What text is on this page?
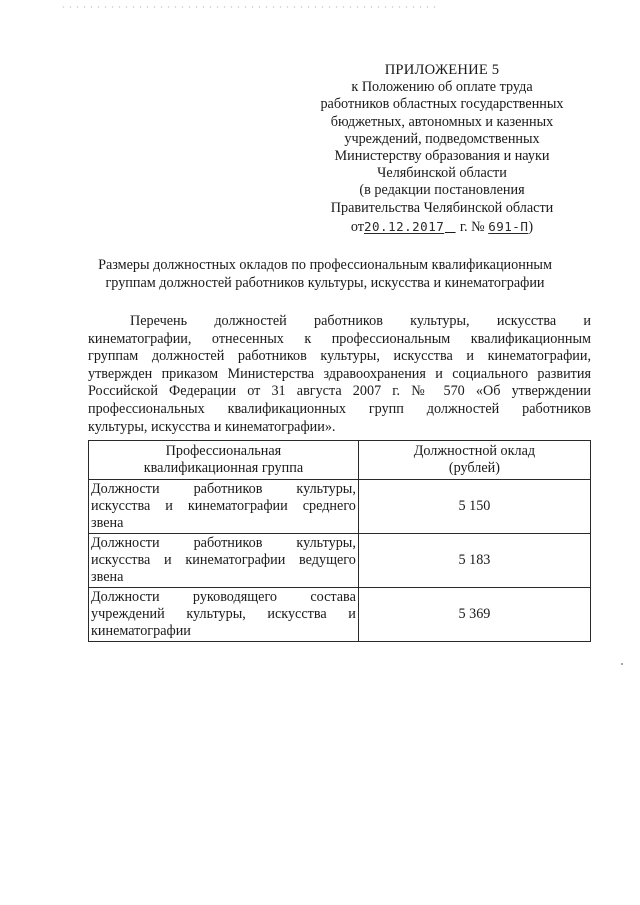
ПРИЛОЖЕНИЕ 5
к Положению об оплате труда
работников областных государственных
бюджетных, автономных и казенных
учреждений, подведомственных
Министерству образования и науки
Челябинской области
(в редакции постановления
Правительства Челябинской области
от20.12.2017 г. № 691-П)
Размеры должностных окладов по профессиональным квалификационным
группам должностей работников культуры, искусства и кинематографии
Перечень должностей работников культуры, искусства и
кинематографии, отнесенных к профессиональным квалификационным
группам должностей работников культуры, искусства и кинематографии,
утвержден приказом Министерства здравоохранения и социального развития
Российской Федерации от 31 августа 2007 г. № 570 «Об утверждении
профессиональных квалификационных групп должностей работников
культуры, искусства и кинематографии».
Профессиональная
квалификационная группа	Должностной оклад
(рублей)

Должности работников культуры,
искусства и кинематографии среднего
звена	5 150

Должности работников культуры,
искусства и кинематографии ведущего
звена	5 183

Должности руководящего состава
учреждений культуры, искусства и
кинематографии	5 369
